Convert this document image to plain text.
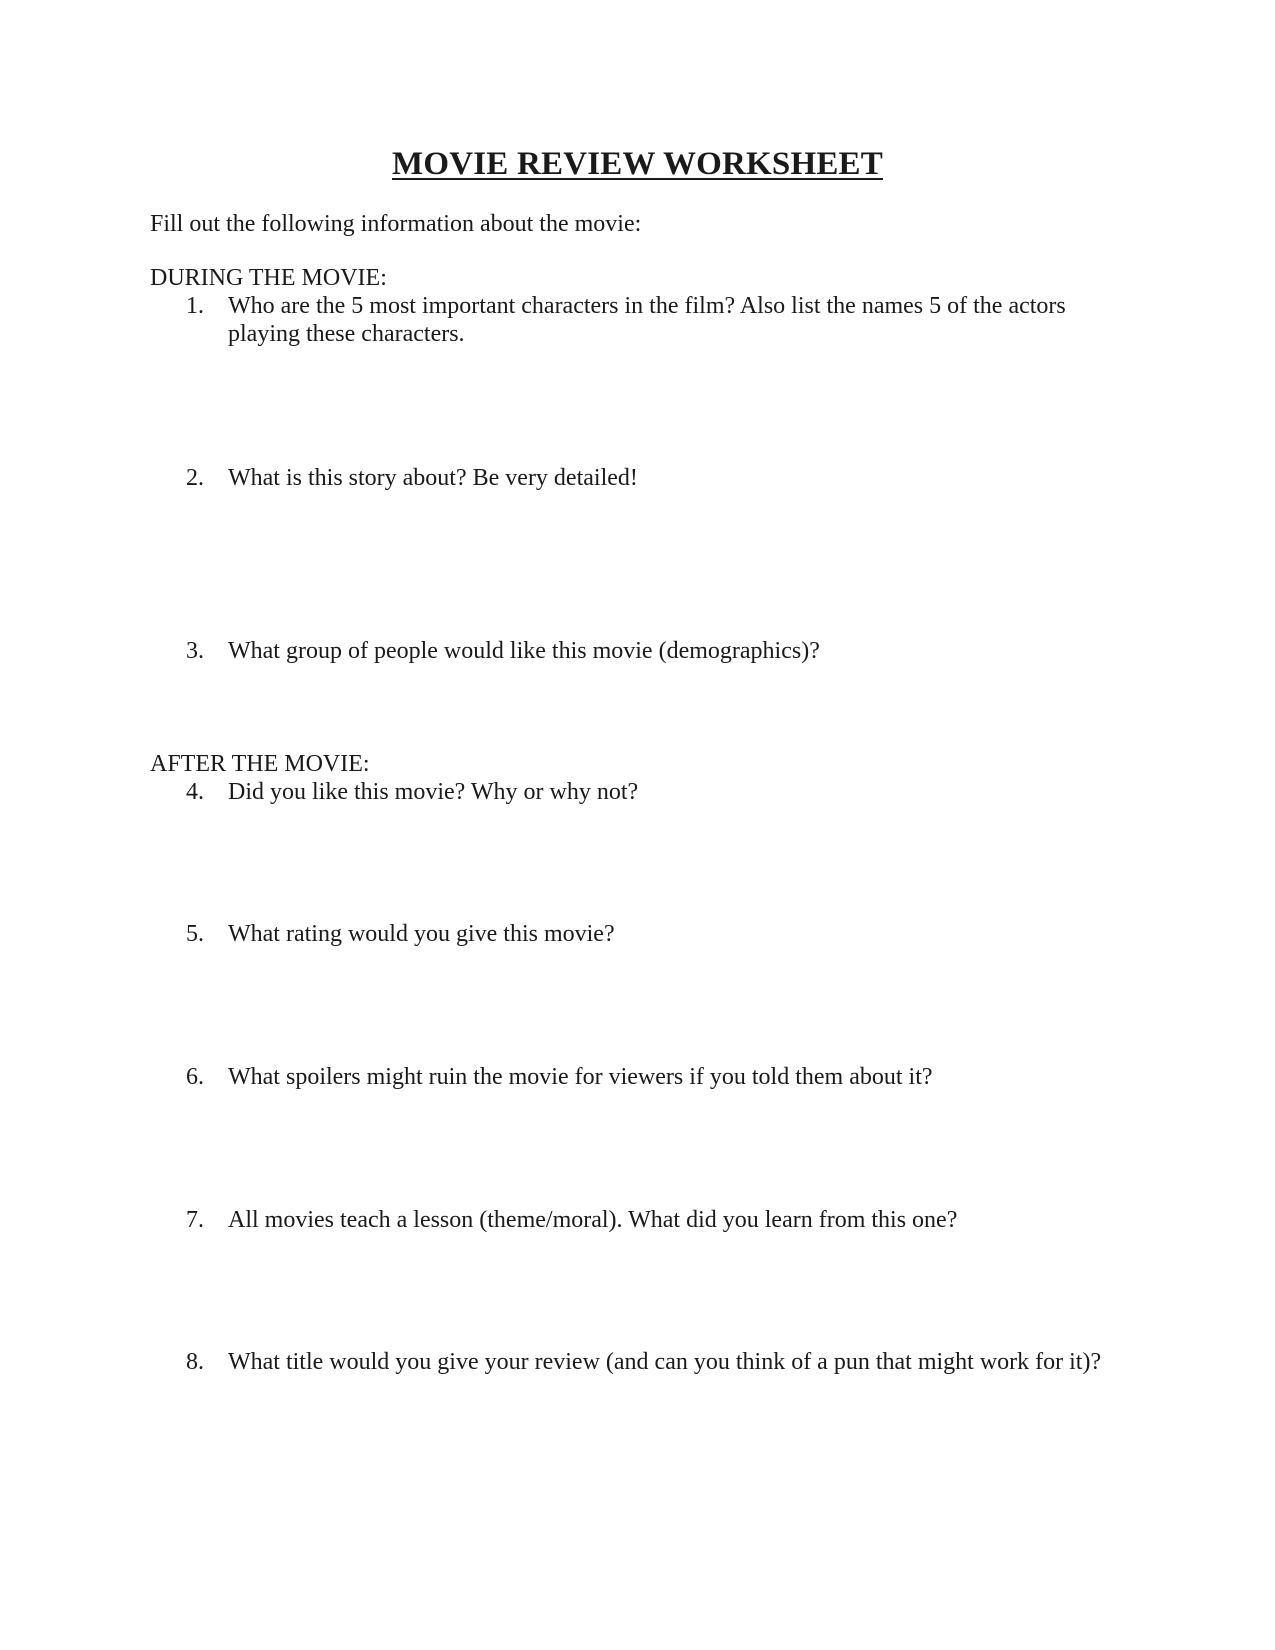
MOVIE REVIEW WORKSHEET
Fill out the following information about the movie:
DURING THE MOVIE:
1. Who are the 5 most important characters in the film? Also list the names 5 of the actors playing these characters.
2. What is this story about? Be very detailed!
3. What group of people would like this movie (demographics)?
AFTER THE MOVIE:
4. Did you like this movie? Why or why not?
5. What rating would you give this movie?
6. What spoilers might ruin the movie for viewers if you told them about it?
7. All movies teach a lesson (theme/moral). What did you learn from this one?
8. What title would you give your review (and can you think of a pun that might work for it)?
